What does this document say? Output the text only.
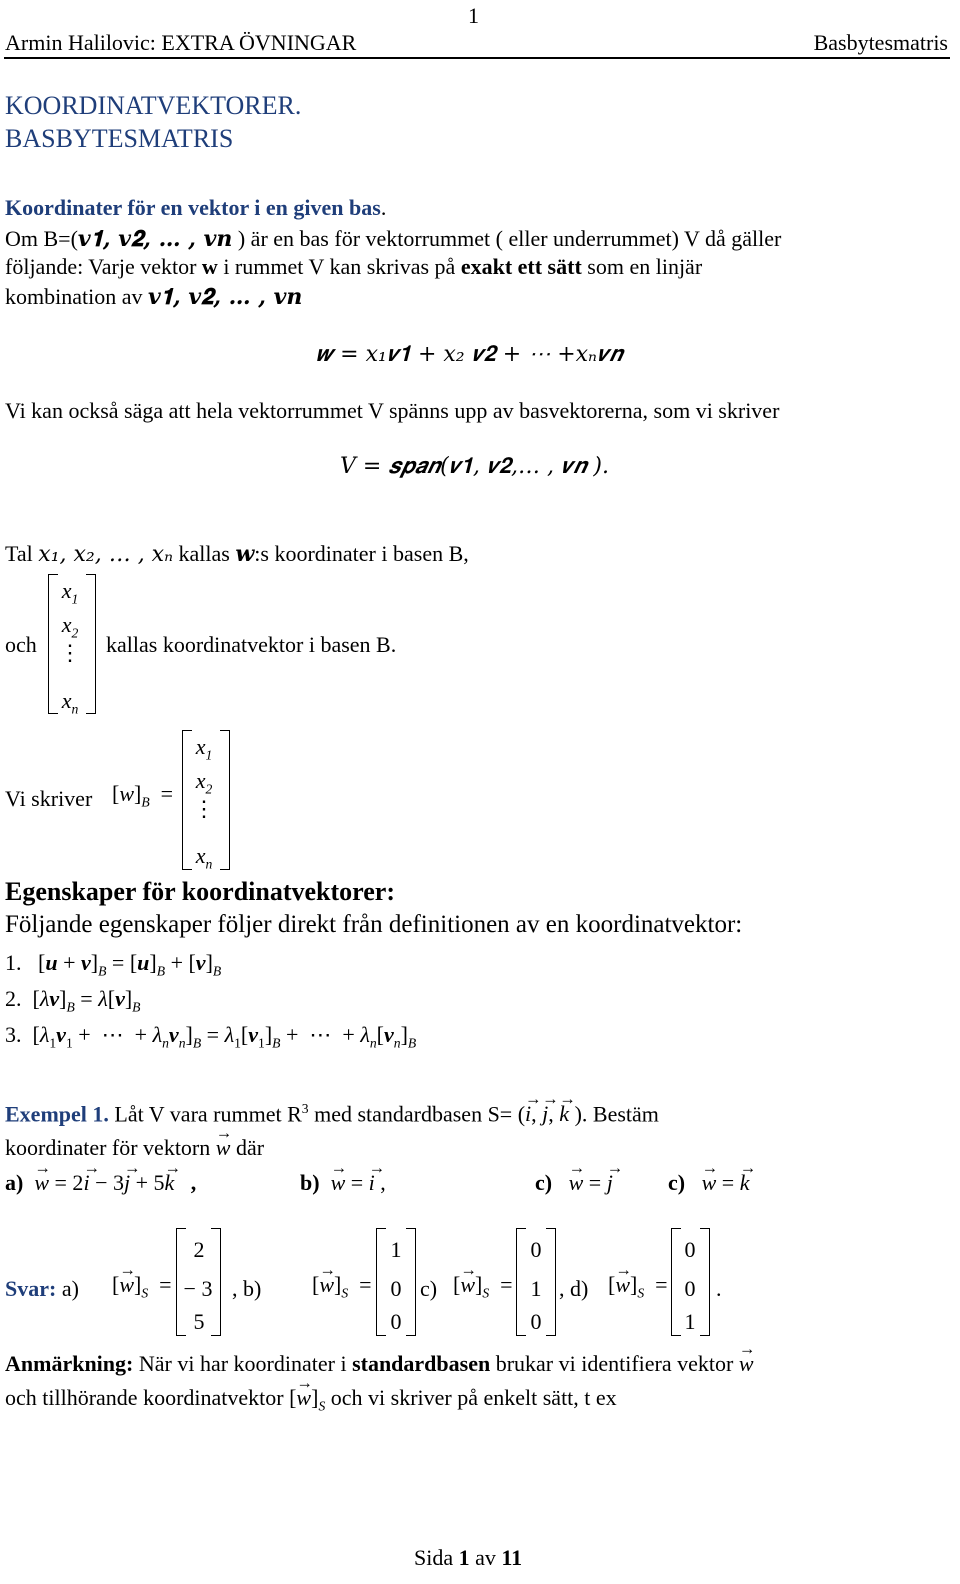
1
Armin Halilovic: EXTRA ÖVNINGAR	Basbytesmatris
KOORDINATVEKTORER.
BASBYTESMATRIS
Koordinater för en vektor i en given bas.
Om B=(𝒗𝟏, 𝒗𝟐, … , 𝒗𝒏 ) är en bas för vektorrummet ( eller underrummet) V då gäller
följande: Varje vektor w i rummet V kan skrivas på exakt ett sätt som en linjär
kombination av 𝒗𝟏, 𝒗𝟐, … , 𝒗𝒏
𝒘 = 𝑥₁𝒗𝟏 + 𝑥₂ 𝒗𝟐 + ⋯ +𝑥ₙ𝒗𝒏
Vi kan också säga att hela vektorrummet V spänns upp av basvektorerna, som vi skriver
V = 𝒔𝒑𝒂𝒏(𝒗𝟏, 𝒗𝟐,… , 𝒗𝒏 ).
Tal 𝑥₁, 𝑥₂, … , 𝑥ₙ kallas 𝒘:s koordinater i basen B,
$x_1$
$x_2$
⋮
$x_n$
och	kallas koordinatvektor i basen B.
Vi skriver $[w]_B$  =
$x_1$
$x_2$
⋮
$x_n$
Egenskaper för koordinatvektorer:
Följande egenskaper följer direkt från definitionen av en koordinatvektor:
1.   $[u + v]_B = [u]_B + [v]_B$
2.  $[\lambda v]_B = \lambda[v]_B$
3.  [$\lambda_1v_1$ +  ⋯  + $\lambda_nv_n]_B = \lambda_1[v_1]_B$ +  ⋯  + $\lambda_n[v_n]_B$
Exempel 1. Låt V vara rummet $R^3$ med standardbasen S= (→ i, → j, → k ). Bestäm
koordinater för vektorn → w där
a) → w = 2→ i − 3→ j + 5→ k ,	b) → w = → i ,	c) → w = → j	c) → w = → k
Svar: a) [→ $w]_S$  =
2
− 3
5
, b) [→ $w]_S$  =
1
0
0
c) [→ $w]_S$  =
0
1
0
, d) [→ $w]_S$  =
0
0
1
.
Anmärkning: När vi har koordinater i standardbasen brukar vi identifiera vektor → w
och tillhörande koordinatvektor [→ $w]_S$ och vi skriver på enkelt sätt, t ex
Sida 1 av 11
